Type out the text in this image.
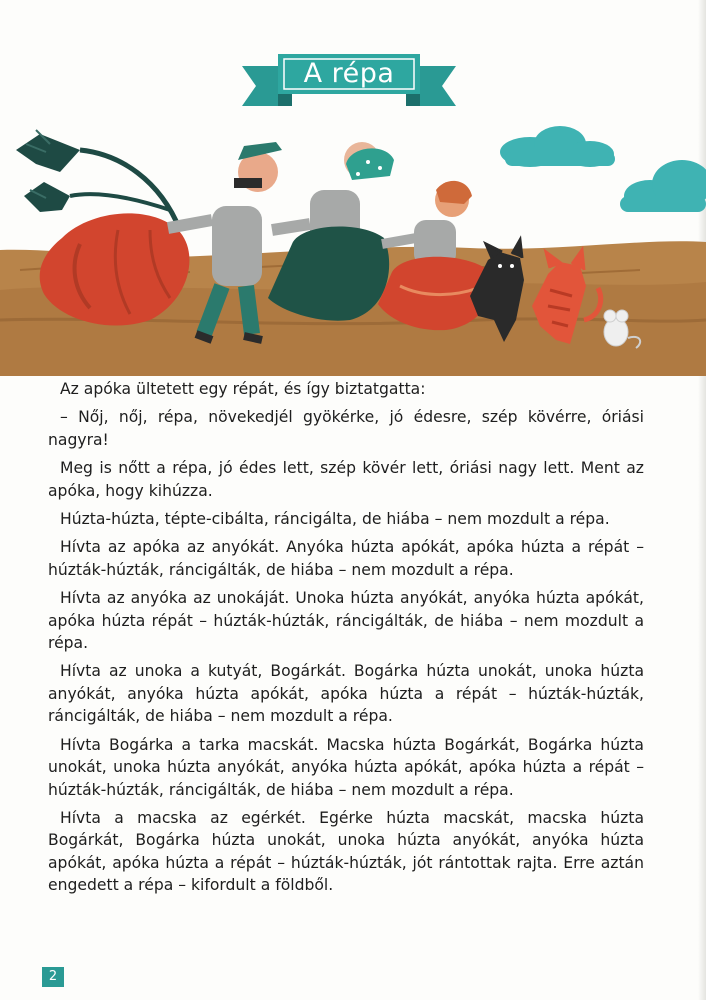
A répa

Az apóka ültetett egy répát, és így biztatgatta:

– Nőj, nőj, répa, növekedjél gyökérke, jó édesre, szép kövérre, óriási nagyra!

Meg is nőtt a répa, jó édes lett, szép kövér lett, óriási nagy lett. Ment az apóka, hogy kihúzza.

Húzta-húzta, tépte-cibálta, ráncigálta, de hiába – nem mozdult a répa.

Hívta az apóka az anyókát. Anyóka húzta apókát, apóka húzta a répát – húzták-húzták, ráncigálták, de hiába – nem mozdult a répa.

Hívta az anyóka az unokáját. Unoka húzta anyókát, anyóka húzta apókát, apóka húzta répát – húzták-húzták, ráncigálták, de hiába – nem mozdult a répa.

Hívta az unoka a kutyát, Bogárkát. Bogárka húzta unokát, unoka húzta anyókát, anyóka húzta apókát, apóka húzta a répát – húzták-húzták, ráncigálták, de hiába – nem mozdult a répa.

Hívta Bogárka a tarka macskát. Macska húzta Bogárkát, Bogárka húzta unokát, unoka húzta anyókát, anyóka húzta apókát, apóka húzta a répát – húzták-húzták, ráncigálták, de hiába – nem mozdult a répa.

Hívta a macska az egérkét. Egérke húzta macskát, macska húzta Bogárkát, Bogárka húzta unokát, unoka húzta anyókát, anyóka húzta apókát, apóka húzta a répát – húzták-húzták, jót rántottak rajta. Erre aztán engedett a répa – kifordult a földből.

2
